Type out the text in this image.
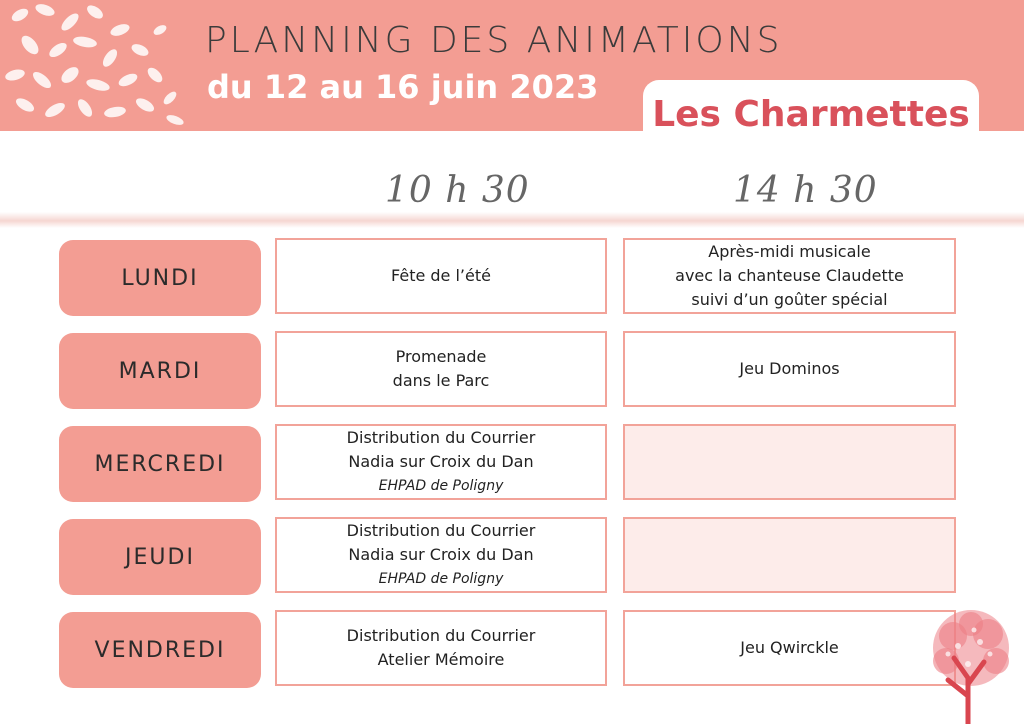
PLANNING DES ANIMATIONS
du 12 au 16 juin 2023
Les Charmettes
10 h 30	14 h 30
LUNDI	Fête de l’été
Après-midi musicale
avec la chanteuse Claudette
suivi d’un goûter spécial
MARDI
Promenade
dans le Parc
Jeu Dominos
MERCREDI
Distribution du Courrier
Nadia sur Croix du Dan
EHPAD de Poligny
JEUDI
Distribution du Courrier
Nadia sur Croix du Dan
EHPAD de Poligny
VENDREDI
Distribution du Courrier
Atelier Mémoire
Jeu Qwirckle
